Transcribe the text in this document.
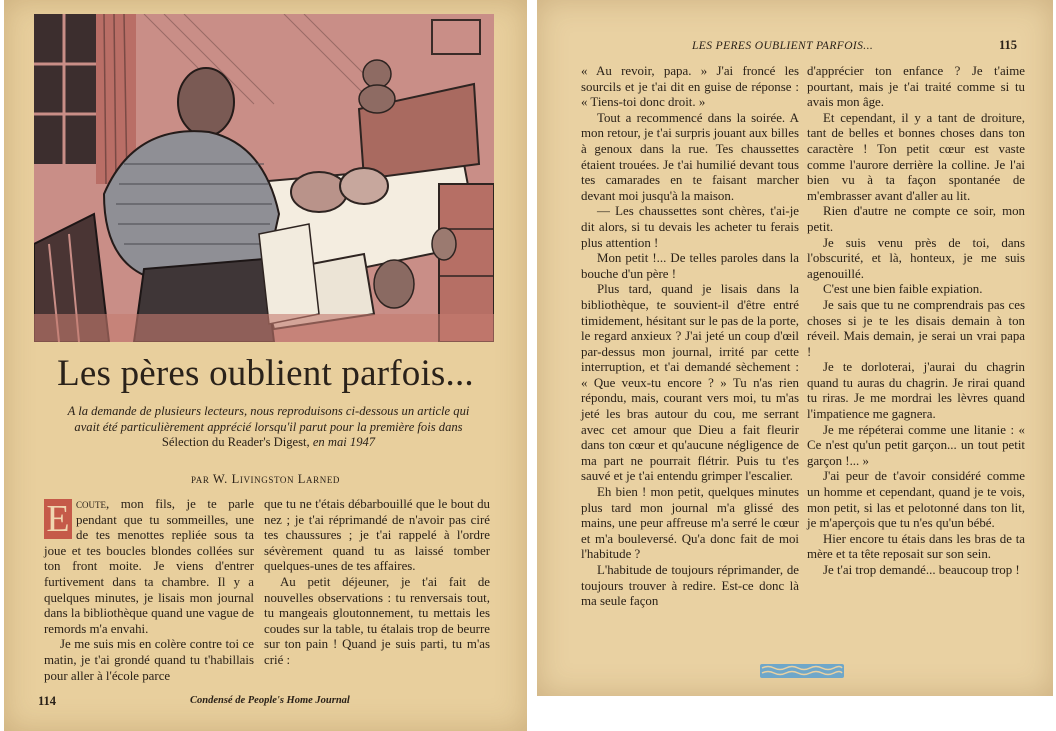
Les pères oublient parfois...
A la demande de plusieurs lecteurs, nous reproduisons ci-dessous un article qui avait été particulièrement apprécié lorsqu'il parut pour la première fois dans Sélection du Reader's Digest, en mai 1947
par W. Livingston Larned

E coute, mon fils, je te parle pendant que tu sommeilles, une de tes menottes repliée sous ta joue et tes boucles blondes collées sur ton front moite. Je viens d'entrer furtivement dans ta chambre. Il y a quelques minutes, je lisais mon journal dans la bibliothèque quand une vague de remords m'a envahi.

Je me suis mis en colère contre toi ce matin, je t'ai grondé quand tu t'habillais pour aller à l'école parce

que tu ne t'étais débarbouillé que le bout du nez ; je t'ai réprimandé de n'avoir pas ciré tes chaussures ; je t'ai rappelé à l'ordre sévèrement quand tu as laissé tomber quelques-unes de tes affaires.

Au petit déjeuner, je t'ai fait de nouvelles observations : tu renversais tout, tu mangeais gloutonnement, tu mettais les coudes sur la table, tu étalais trop de beurre sur ton pain ! Quand je suis parti, tu m'as crié :

114	Condensé de People's Home Journal
LES PERES OUBLIENT PARFOIS...	115

« Au revoir, papa. » J'ai froncé les sourcils et je t'ai dit en guise de réponse : « Tiens-toi donc droit. »

Tout a recommencé dans la soirée. A mon retour, je t'ai surpris jouant aux billes à genoux dans la rue. Tes chaussettes étaient trouées. Je t'ai humilié devant tous tes camarades en te faisant marcher devant moi jusqu'à la maison.

— Les chaussettes sont chères, t'ai-je dit alors, si tu devais les acheter tu ferais plus attention !

Mon petit !... De telles paroles dans la bouche d'un père !

Plus tard, quand je lisais dans la bibliothèque, te souvient-il d'être entré timidement, hésitant sur le pas de la porte, le regard anxieux ? J'ai jeté un coup d'œil par-dessus mon journal, irrité par cette interruption, et t'ai demandé sèchement : « Que veux-tu encore ? » Tu n'as rien répondu, mais, courant vers moi, tu m'as jeté les bras autour du cou, me serrant avec cet amour que Dieu a fait fleurir dans ton cœur et qu'aucune négligence de ma part ne pourrait flétrir. Puis tu t'es sauvé et je t'ai entendu grimper l'escalier.

Eh bien ! mon petit, quelques minutes plus tard mon journal m'a glissé des mains, une peur affreuse m'a serré le cœur et m'a bouleversé. Qu'a donc fait de moi l'habitude ?

L'habitude de toujours réprimander, de toujours trouver à redire. Est-ce donc là ma seule façon

d'apprécier ton enfance ? Je t'aime pourtant, mais je t'ai traité comme si tu avais mon âge.

Et cependant, il y a tant de droiture, tant de belles et bonnes choses dans ton caractère ! Ton petit cœur est vaste comme l'aurore derrière la colline. Je l'ai bien vu à ta façon spontanée de m'embrasser avant d'aller au lit.

Rien d'autre ne compte ce soir, mon petit.

Je suis venu près de toi, dans l'obscurité, et là, honteux, je me suis agenouillé.

C'est une bien faible expiation.

Je sais que tu ne comprendrais pas ces choses si je te les disais demain à ton réveil. Mais demain, je serai un vrai papa !

Je te dorloterai, j'aurai du chagrin quand tu auras du chagrin. Je rirai quand tu riras. Je me mordrai les lèvres quand l'impatience me gagnera.

Je me répéterai comme une litanie : « Ce n'est qu'un petit garçon... un tout petit garçon !... »

J'ai peur de t'avoir considéré comme un homme et cependant, quand je te vois, mon petit, si las et pelotonné dans ton lit, je m'aperçois que tu n'es qu'un bébé.

Hier encore tu étais dans les bras de ta mère et ta tête reposait sur son sein.

Je t'ai trop demandé... beaucoup trop !
